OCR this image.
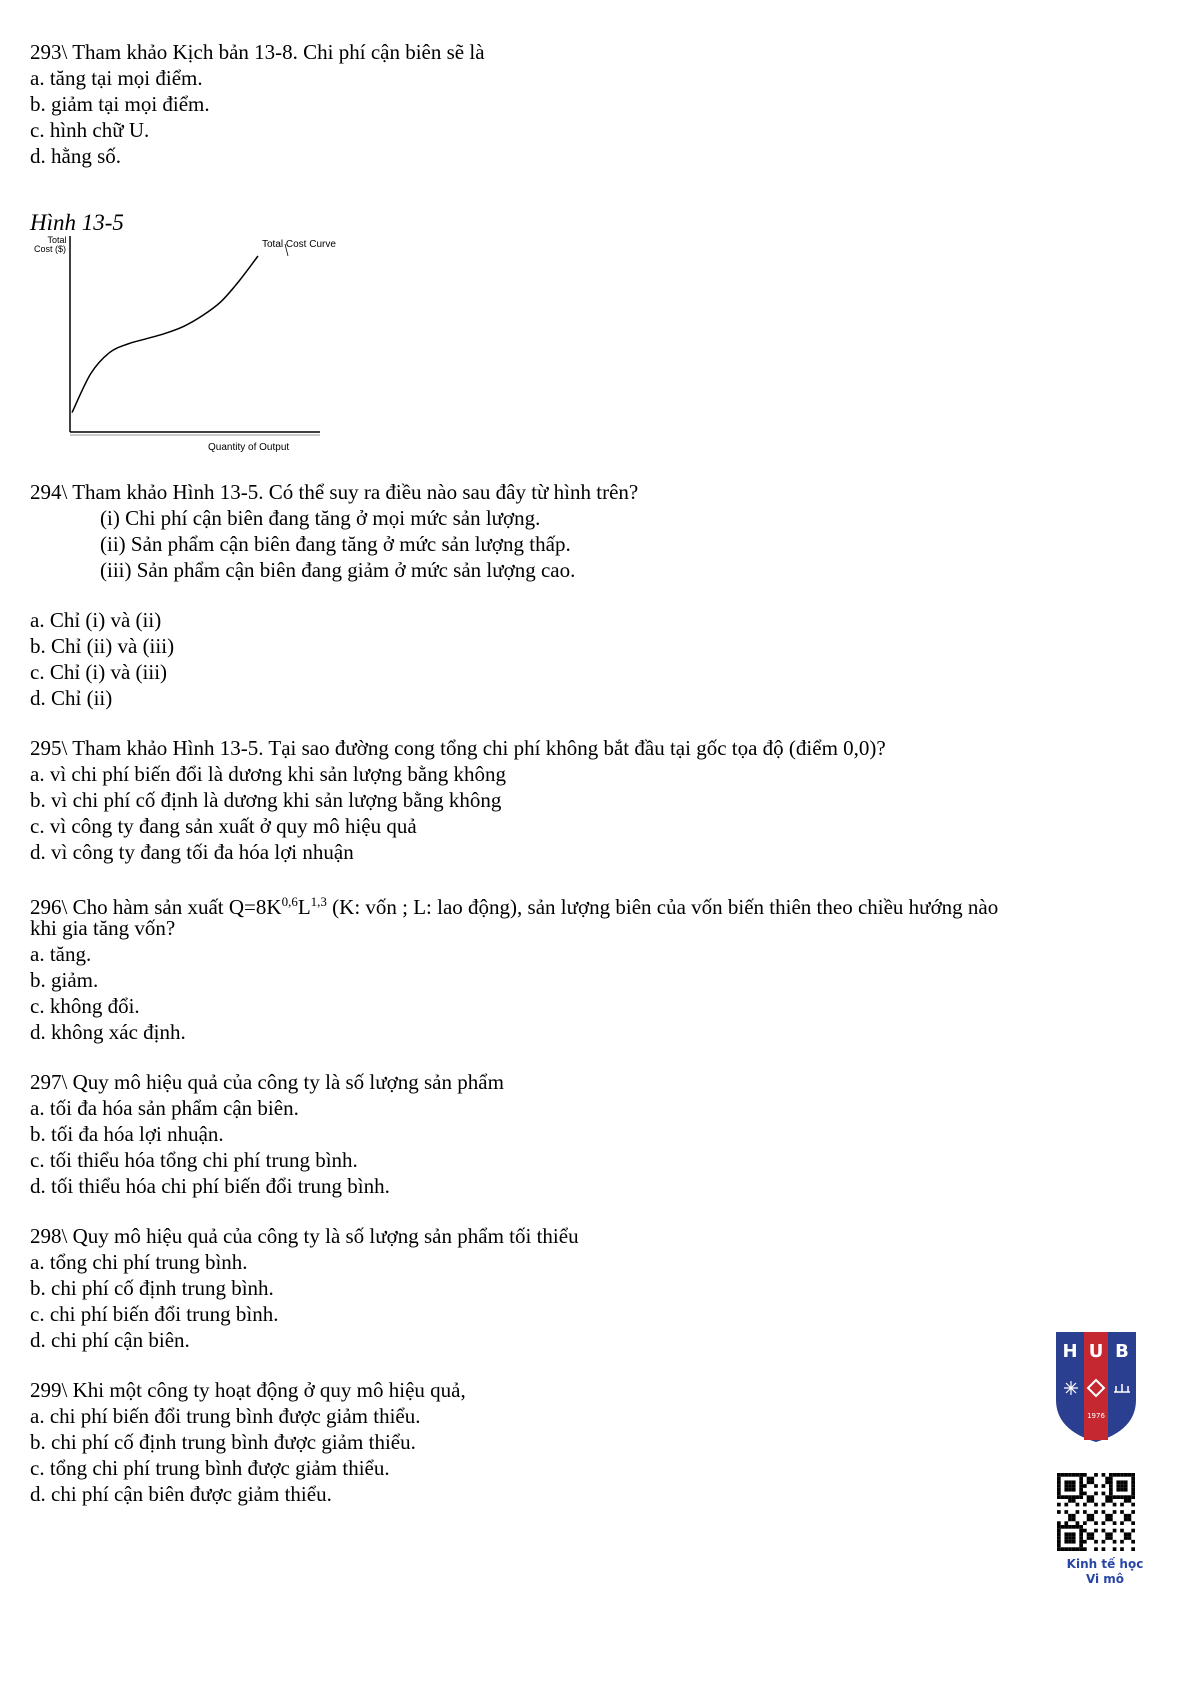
293\ Tham khảo Kịch bản 13-8. Chi phí cận biên sẽ là
a. tăng tại mọi điểm.
b. giảm tại mọi điểm.
c. hình chữ U.
d. hằng số.
Hình 13-5
Total
Cost ($)	Total Cost Curve
Quantity of Output
294\ Tham khảo Hình 13-5. Có thể suy ra điều nào sau đây từ hình trên?
(i) Chi phí cận biên đang tăng ở mọi mức sản lượng.
(ii) Sản phẩm cận biên đang tăng ở mức sản lượng thấp.
(iii) Sản phẩm cận biên đang giảm ở mức sản lượng cao.
a. Chỉ (i) và (ii)
b. Chỉ (ii) và (iii)
c. Chỉ (i) và (iii)
d. Chỉ (ii)
295\ Tham khảo Hình 13-5. Tại sao đường cong tổng chi phí không bắt đầu tại gốc tọa độ (điểm 0,0)?
a. vì chi phí biến đổi là dương khi sản lượng bằng không
b. vì chi phí cố định là dương khi sản lượng bằng không
c. vì công ty đang sản xuất ở quy mô hiệu quả
d. vì công ty đang tối đa hóa lợi nhuận
296\ Cho hàm sản xuất $Q=8K^{0,6}L^{1,3}$ (K: vốn ; L: lao động), sản lượng biên của vốn biến thiên theo chiều hướng nào
khi gia tăng vốn?
a. tăng.
b. giảm.
c. không đổi.
d. không xác định.
297\ Quy mô hiệu quả của công ty là số lượng sản phẩm
a. tối đa hóa sản phẩm cận biên.
b. tối đa hóa lợi nhuận.
c. tối thiểu hóa tổng chi phí trung bình.
d. tối thiểu hóa chi phí biến đổi trung bình.
298\ Quy mô hiệu quả của công ty là số lượng sản phẩm tối thiểu
a. tổng chi phí trung bình.
b. chi phí cố định trung bình.
c. chi phí biến đổi trung bình.
d. chi phí cận biên.
299\ Khi một công ty hoạt động ở quy mô hiệu quả,
a. chi phí biến đổi trung bình được giảm thiểu.
b. chi phí cố định trung bình được giảm thiểu.
c. tổng chi phí trung bình được giảm thiểu.
d. chi phí cận biên được giảm thiểu.
H U B
1976
Kinh tế học
Vi mô
